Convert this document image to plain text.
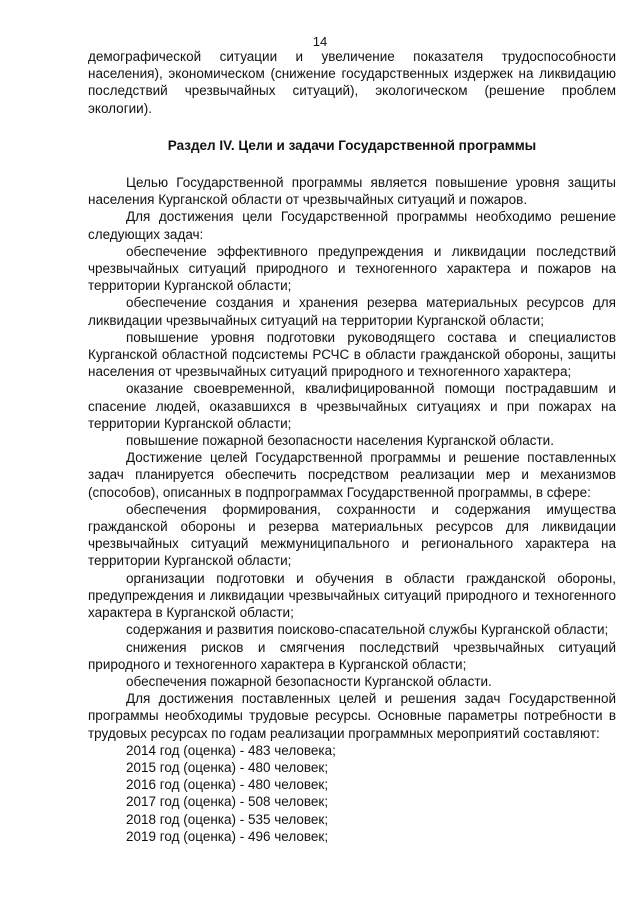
14

демографической ситуации и увеличение показателя трудоспособности населения), экономическом (снижение государственных издержек на ликвидацию последствий чрезвычайных ситуаций), экологическом (решение проблем экологии).

Раздел IV. Цели и задачи Государственной программы

Целью Государственной программы является повышение уровня защиты населения Курганской области от чрезвычайных ситуаций и пожаров.

Для достижения цели Государственной программы необходимо решение следующих задач:

обеспечение эффективного предупреждения и ликвидации последствий чрезвычайных ситуаций природного и техногенного характера и пожаров на территории Курганской области;

обеспечение создания и хранения резерва материальных ресурсов для ликвидации чрезвычайных ситуаций на территории Курганской области;

повышение уровня подготовки руководящего состава и специалистов Курганской областной подсистемы РСЧС в области гражданской обороны, защиты населения от чрезвычайных ситуаций природного и техногенного характера;

оказание своевременной, квалифицированной помощи пострадавшим и спасение людей, оказавшихся в чрезвычайных ситуациях и при пожарах на территории Курганской области;

повышение пожарной безопасности населения Курганской области.

Достижение целей Государственной программы и решение поставленных задач планируется обеспечить посредством реализации мер и механизмов (способов), описанных в подпрограммах Государственной программы, в сфере:

обеспечения формирования, сохранности и содержания имущества гражданской обороны и резерва материальных ресурсов для ликвидации чрезвычайных ситуаций межмуниципального и регионального характера на территории Курганской области;

организации подготовки и обучения в области гражданской обороны, предупреждения и ликвидации чрезвычайных ситуаций природного и техногенного характера в Курганской области;

содержания и развития поисково-спасательной службы Курганской области;

снижения рисков и смягчения последствий чрезвычайных ситуаций природного и техногенного характера в Курганской области;

обеспечения пожарной безопасности Курганской области.

Для достижения поставленных целей и решения задач Государственной программы необходимы трудовые ресурсы. Основные параметры потребности в трудовых ресурсах по годам реализации программных мероприятий составляют:

2014 год (оценка) - 483 человека;

2015 год (оценка) - 480 человек;

2016 год (оценка) - 480 человек;

2017 год (оценка) - 508 человек;

2018 год (оценка) - 535 человек;

2019 год (оценка) - 496 человек;
